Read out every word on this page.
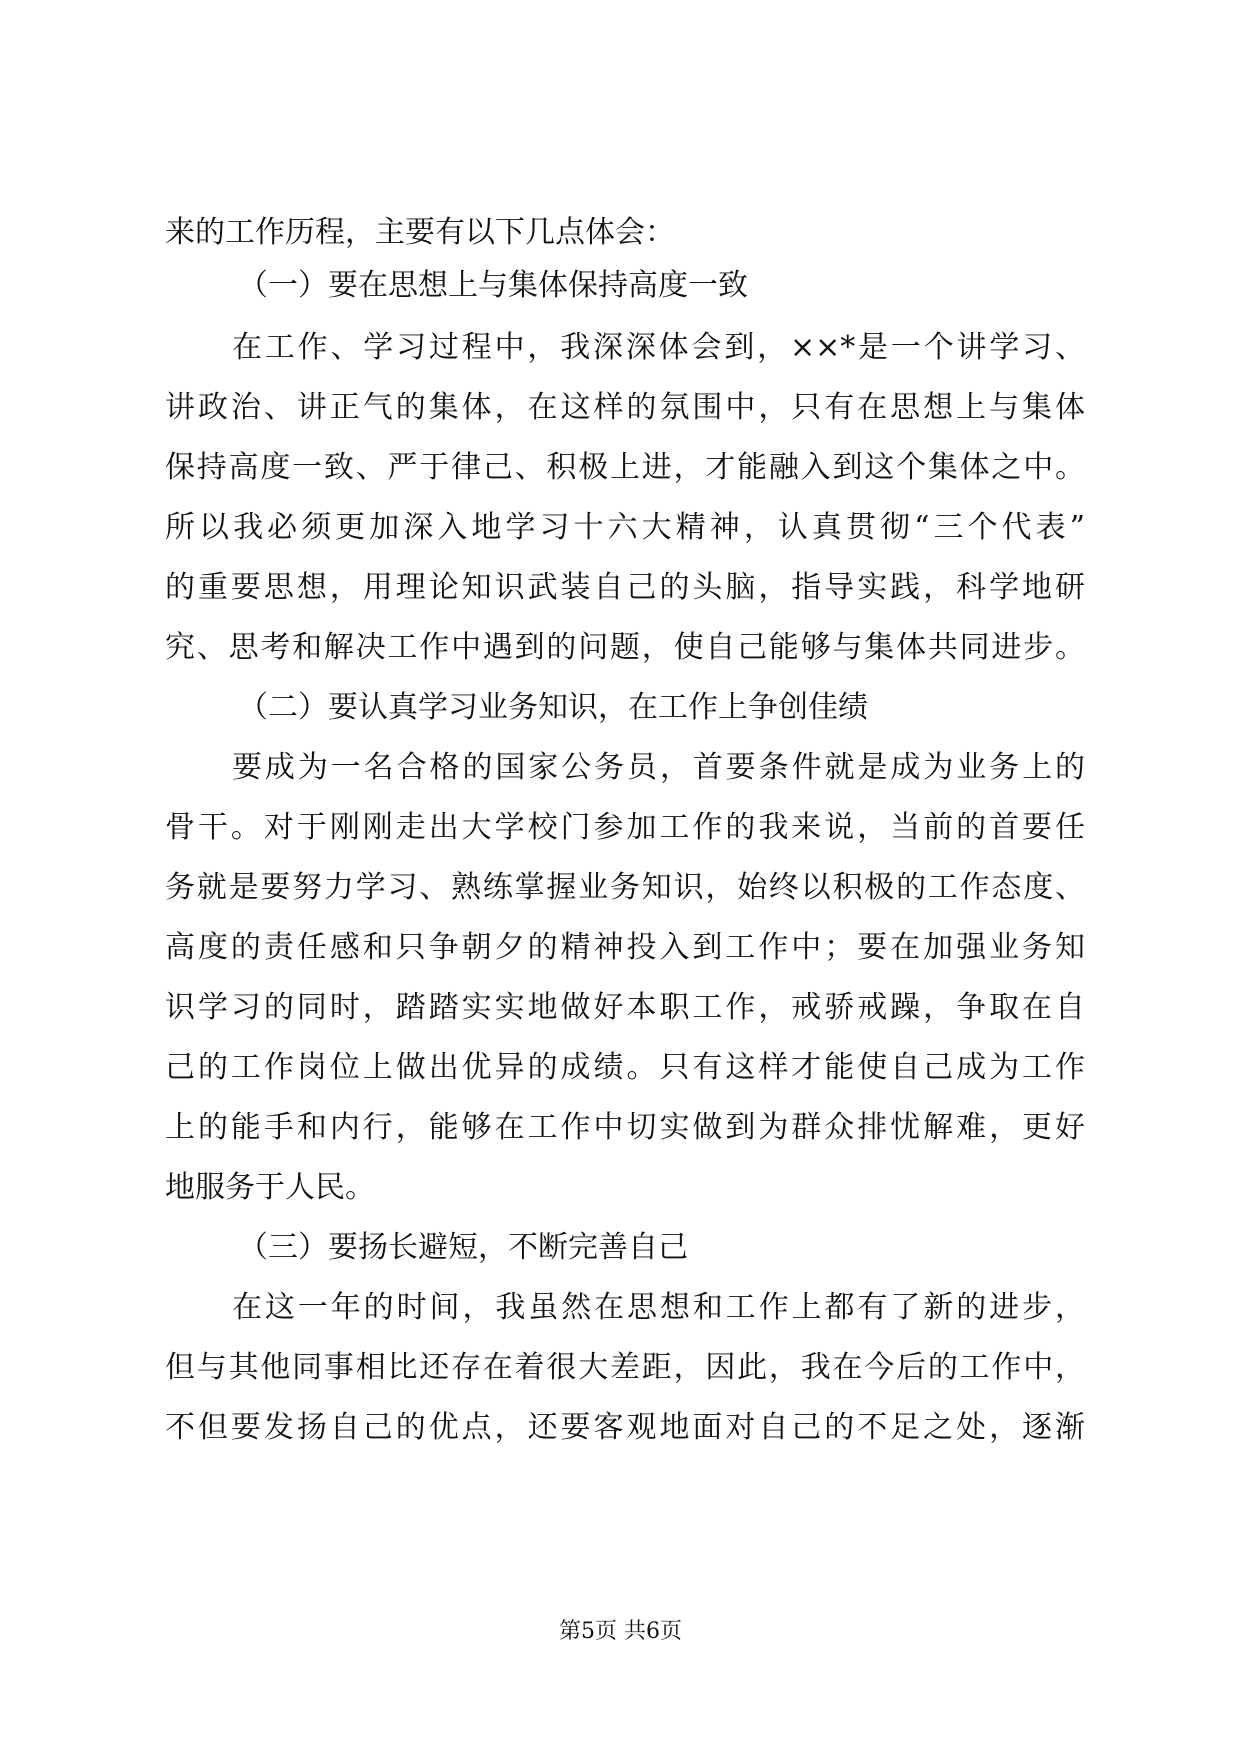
来的工作历程，主要有以下几点体会：
（一）要在思想上与集体保持高度一致
在工作、学习过程中，我深深体会到，××*是一个讲学习、
讲政治、讲正气的集体，在这样的氛围中，只有在思想上与集体
保持高度一致、严于律己、积极上进，才能融入到这个集体之中。
所以我必须更加深入地学习十六大精神，认真贯彻“三个代表”
的重要思想，用理论知识武装自己的头脑，指导实践，科学地研
究、思考和解决工作中遇到的问题，使自己能够与集体共同进步。
（二）要认真学习业务知识，在工作上争创佳绩
要成为一名合格的国家公务员，首要条件就是成为业务上的
骨干。对于刚刚走出大学校门参加工作的我来说，当前的首要任
务就是要努力学习、熟练掌握业务知识，始终以积极的工作态度、
高度的责任感和只争朝夕的精神投入到工作中；要在加强业务知
识学习的同时，踏踏实实地做好本职工作，戒骄戒躁，争取在自
己的工作岗位上做出优异的成绩。只有这样才能使自己成为工作
上的能手和内行，能够在工作中切实做到为群众排忧解难，更好
地服务于人民。
（三）要扬长避短，不断完善自己
在这一年的时间，我虽然在思想和工作上都有了新的进步，
但与其他同事相比还存在着很大差距，因此，我在今后的工作中，
不但要发扬自己的优点，还要客观地面对自己的不足之处，逐渐
第5页 共6页
